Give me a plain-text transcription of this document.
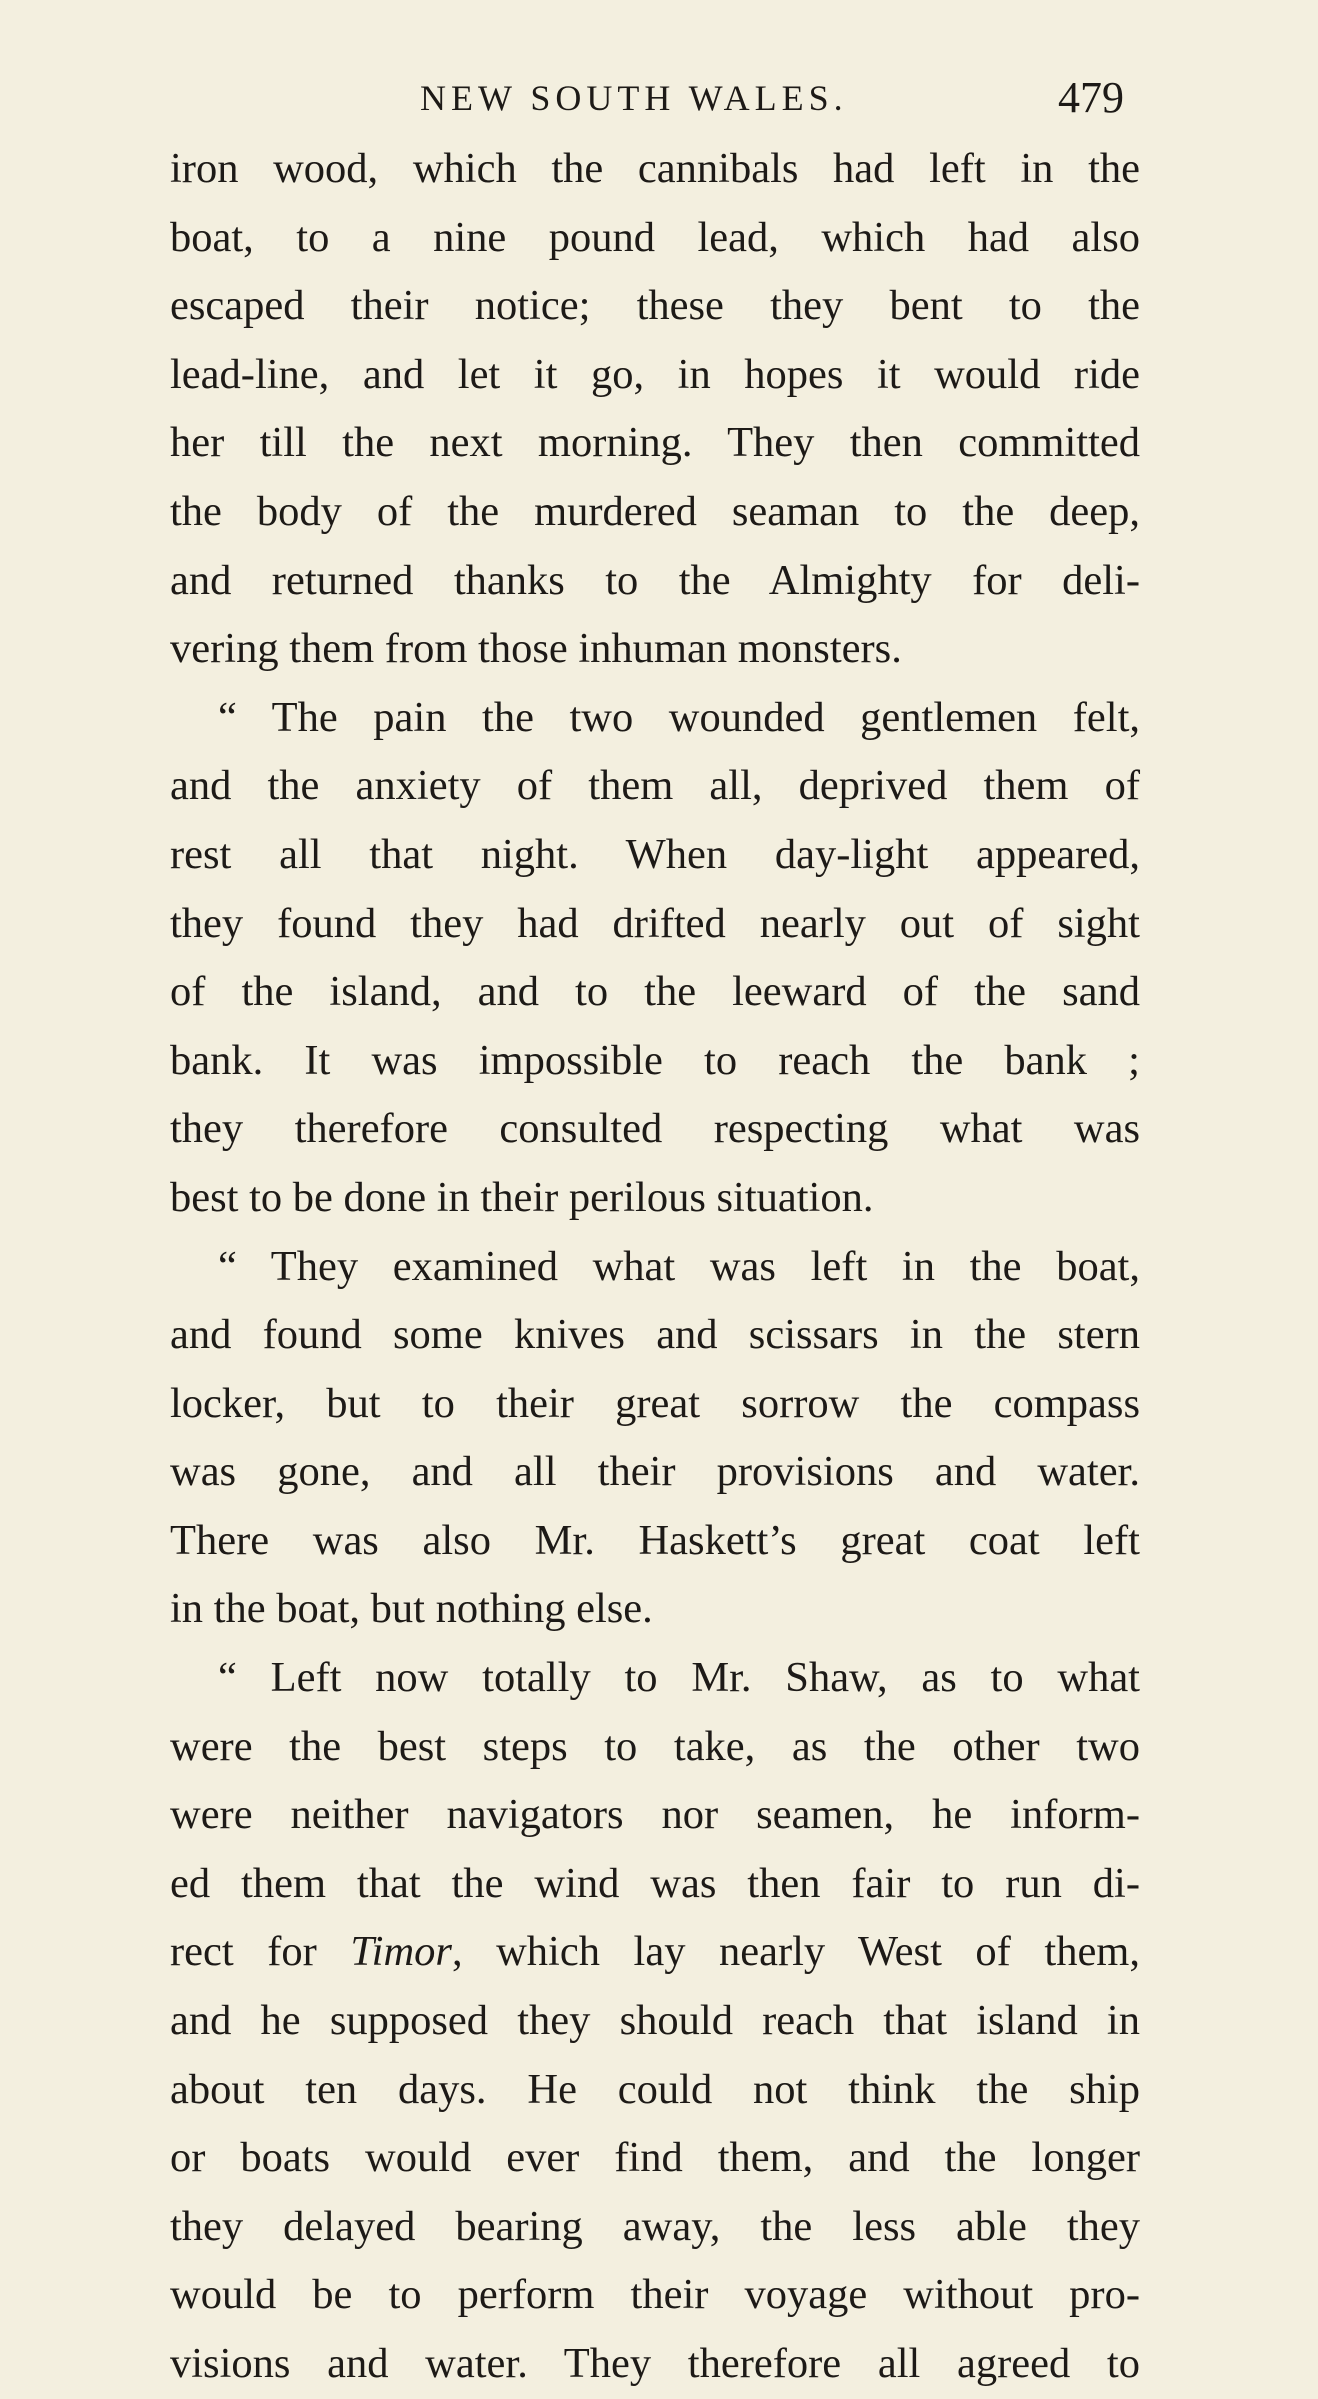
NEW SOUTH WALES.	479
iron wood, which the cannibals had left in the
boat, to a nine pound lead, which had also
escaped their notice; these they bent to the
lead-line, and let it go, in hopes it would ride
her till the next morning. They then committed
the body of the murdered seaman to the deep,
and returned thanks to the Almighty for deli-
vering them from those inhuman monsters.
“ The pain the two wounded gentlemen felt,
and the anxiety of them all, deprived them of
rest all that night. When day-light appeared,
they found they had drifted nearly out of sight
of the island, and to the leeward of the sand
bank. It was impossible to reach the bank ;
they therefore consulted respecting what was
best to be done in their perilous situation.
“ They examined what was left in the boat,
and found some knives and scissars in the stern
locker, but to their great sorrow the compass
was gone, and all their provisions and water.
There was also Mr. Haskett’s great coat left
in the boat, but nothing else.
“ Left now totally to Mr. Shaw, as to what
were the best steps to take, as the other two
were neither navigators nor seamen, he inform-
ed them that the wind was then fair to run di-
rect for Timor, which lay nearly West of them,
and he supposed they should reach that island in
about ten days. He could not think the ship
or boats would ever find them, and the longer
they delayed bearing away, the less able they
would be to perform their voyage without pro-
visions and water. They therefore all agreed to
